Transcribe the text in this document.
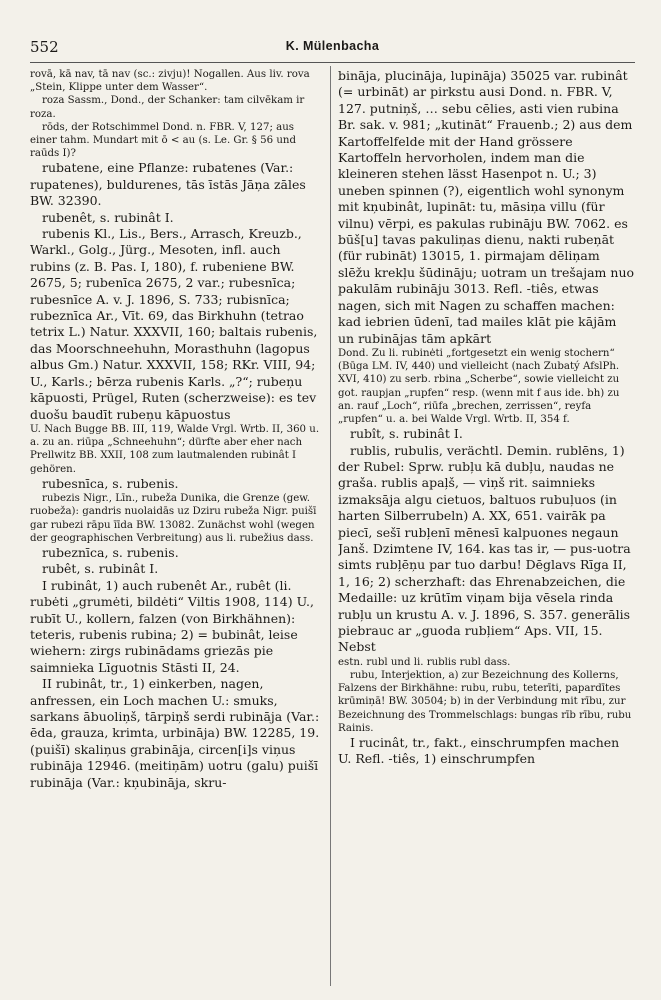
552	K. Mülenbacha

rovā, kā nav, tā nav (sc.: zivju)! Nogallen. Aus liv. rova „Stein, Klippe unter dem Wasser“.

roza Sassm., Dond., der Schanker: tam cilvēkam ir roza.

rōds, der Rotschimmel Dond. n. FBR. V, 127; aus einer tahm. Mundart mit ō < au (s. Le. Gr. § 56 und raūds I)?

rubatene, eine Pflanze: rubatenes (Var.: rupatenes), buldurenes, tās īstās Jāņa zāles BW. 32390.

rubenêt, s. rubinât I.

rubenis Kl., Lis., Bers., Arrasch, Kreuzb., Warkl., Golg., Jürg., Mesoten, infl. auch rubins (z. B. Pas. I, 180), f. rubeniene BW. 2675, 5; rubenīca 2675, 2 var.; rubesnīca; rubesnīce A. v. J. 1896, S. 733; rubisnīca; rubeznīca Ar., Vīt. 69, das Birkhuhn (tetrao tetrix L.) Natur. XXXVII, 160; baltais rubenis, das Moorschneehuhn, Morasthuhn (lagopus albus Gm.) Natur. XXXVII, 158; RKr. VIII, 94; U., Karls.; bērza rubenis Karls. „?“; rubeņu kāpuosti, Prügel, Ruten (scherzweise): es tev duošu baudīt rubeņu kāpuostus

U. Nach Bugge BB. III, 119, Walde Vrgl. Wrtb. II, 360 u. a. zu an. riūpa „Schneehuhn“; dürfte aber eher nach Prellwitz BB. XXII, 108 zum lautmalenden rubinât I gehören.

rubesnīca, s. rubenis.

rubezis Nigr., Līn., rubeža Dunika, die Grenze (gew. ruobeža): gandris nuolaidās uz Dziru rubeža Nigr. puišī gar rubezi rāpu īīda BW. 13082. Zunächst wohl (wegen der geographischen Verbreitung) aus li. rubežius dass.

rubeznīca, s. rubenis.

rubêt, s. rubinât I.

I rubinât, 1) auch rubenêt Ar., rubêt (li. rubėti „grumėti, bildėti“ Viltis 1908, 114) U., rubīt U., kollern, falzen (von Birkhähnen): teteris, rubenis rubina; 2) = bubinât, leise wiehern: zirgs rubinādams griezās pie saimnieka Līguotnis Stāsti II, 24.

II rubinât, tr., 1) einkerben, nagen, anfressen, ein Loch machen U.: smuks, sarkans ābuoliņš, tārpiņš serdi rubināja (Var.: ēda, grauza, krimta, urbināja) BW. 12285, 19. (puišī) skaliņus grabināja, circen[i]s viņus rubināja 12946. (meitiņām) uotru (galu) puišī rubināja (Var.: kņubināja, skru-

bināja, plucināja, lupināja) 35025 var. rubinât (= urbināt) ar pirkstu ausi Dond. n. FBR. V, 127. putniņš, … sebu cēlies, asti vien rubina Br. sak. v. 981; „kutināt“ Frauenb.; 2) aus dem Kartoffelfelde mit der Hand grössere Kartoffeln hervorholen, indem man die kleineren stehen lässt Hasenpot n. U.; 3) uneben spinnen (?), eigentlich wohl synonym mit kņubinât, lupināt: tu, māsiņa villu (für vilnu) vērpi, es pakulas rubināju BW. 7062. es būš[u] tavas pakuliņas dienu, nakti rubeņāt (für rubināt) 13015, 1. pirmajam dēliņam slēžu krekļu šūdināju; uotram un trešajam nuo pakulām rubināju 3013. Refl. -tiês, etwas nagen, sich mit Nagen zu schaffen machen: kad iebrien ūdenī, tad mailes klāt pie kājām un rubinājas tām apkārt

Dond. Zu li. rubinėti „fortgesetzt ein wenig stochern“ (Būga LM. IV, 440) und vielleicht (nach Zubatý AfslPh. XVI, 410) zu serb. rbina „Scherbe“, sowie vielleicht zu got. raupjan „rupfen“ resp. (wenn mit f aus ide. bh) zu an. rauf „Loch“, riūfa „brechen, zerrissen“, reyfa „rupfen“ u. a. bei Walde Vrgl. Wrtb. II, 354 f.

rubît, s. rubinât I.

rublis, rubulis, verächtl. Demin. rublēns, 1) der Rubel: Sprw. rubļu kā dubļu, naudas ne graša. rublis apaļš, — viņš rit. saimnieks izmaksāja algu cietuos, baltuos rubuļuos (in harten Silberrubeln) A. XX, 651. vairāk pa piecī, sešī rubļenī mēnesī kalpuones negaun Janš. Dzimtene IV, 164. kas tas ir, — pus-uotra simts rubļēņu par tuo darbu! Dēglavs Rīga II, 1, 16; 2) scherzhaft: das Ehrenabzeichen, die Medaille: uz krūtīm viņam bija vēsela rinda rubļu un krustu A. v. J. 1896, S. 357. generālis piebrauc ar „guoda rubļiem“ Aps. VII, 15. Nebst

estn. rubl und li. rublis rubl dass.

rubu, Interjektion, a) zur Bezeichnung des Kollerns, Falzens der Birkhähne: rubu, rubu, teterīti, papardītes krūmiņā! BW. 30504; b) in der Verbindung mit rību, zur Bezeichnung des Trommelschlags: bungas rīb rību, rubu Rainis.

I rucinât, tr., fakt., einschrumpfen machen U. Refl. -tiês, 1) einschrumpfen
